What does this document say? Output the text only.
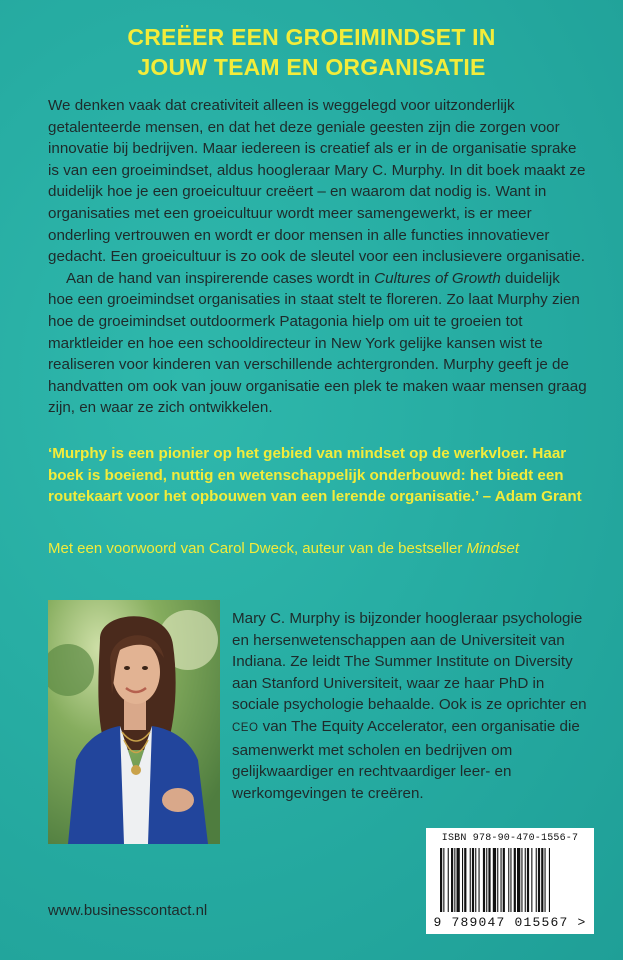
CREËER EEN GROEIMINDSET IN
JOUW TEAM EN ORGANISATIE

We denken vaak dat creativiteit alleen is weggelegd voor uitzonderlijk getalenteerde mensen, en dat het deze geniale geesten zijn die zorgen voor innovatie bij bedrijven. Maar iedereen is creatief als er in de organisatie sprake is van een groeimindset, aldus hoogleraar Mary C. Murphy. In dit boek maakt ze duidelijk hoe je een groeicultuur creëert – en waarom dat nodig is. Want in organisaties met een groeicultuur wordt meer samengewerkt, is er meer onderling vertrouwen en wordt er door mensen in alle functies innovatiever gedacht. Een groeicultuur is zo ook de sleutel voor een inclusievere organisatie.

Aan de hand van inspirerende cases wordt in Cultures of Growth duidelijk hoe een groeimindset organisaties in staat stelt te floreren. Zo laat Murphy zien hoe de groeimindset outdoormerk Patagonia hielp om uit te groeien tot marktleider en hoe een schooldirecteur in New York gelijke kansen wist te realiseren voor kinderen van verschillende achtergronden. Murphy geeft je de handvatten om ook van jouw organisatie een plek te maken waar mensen graag zijn, en waar ze zich ontwikkelen.

‘Murphy is een pionier op het gebied van mindset op de werkvloer. Haar boek is boeiend, nuttig en wetenschappelijk onderbouwd: het biedt een routekaart voor het opbouwen van een lerende organisatie.’ – Adam Grant
Met een voorwoord van Carol Dweck, auteur van de bestseller Mindset
Mary C. Murphy is bijzonder hoogleraar psychologie en hersenwetenschappen aan de Universiteit van Indiana. Ze leidt The Summer Institute on Diversity aan Stanford Universiteit, waar ze haar PhD in sociale psychologie behaalde. Ook is ze oprichter en CEO van The Equity Accelerator, een organisatie die samenwerkt met scholen en bedrijven om gelijkwaardiger en rechtvaardiger leer- en werkomgevingen te creëren.
ISBN 978-90-470-1556-7
9 789047 015567 >
www.businesscontact.nl
